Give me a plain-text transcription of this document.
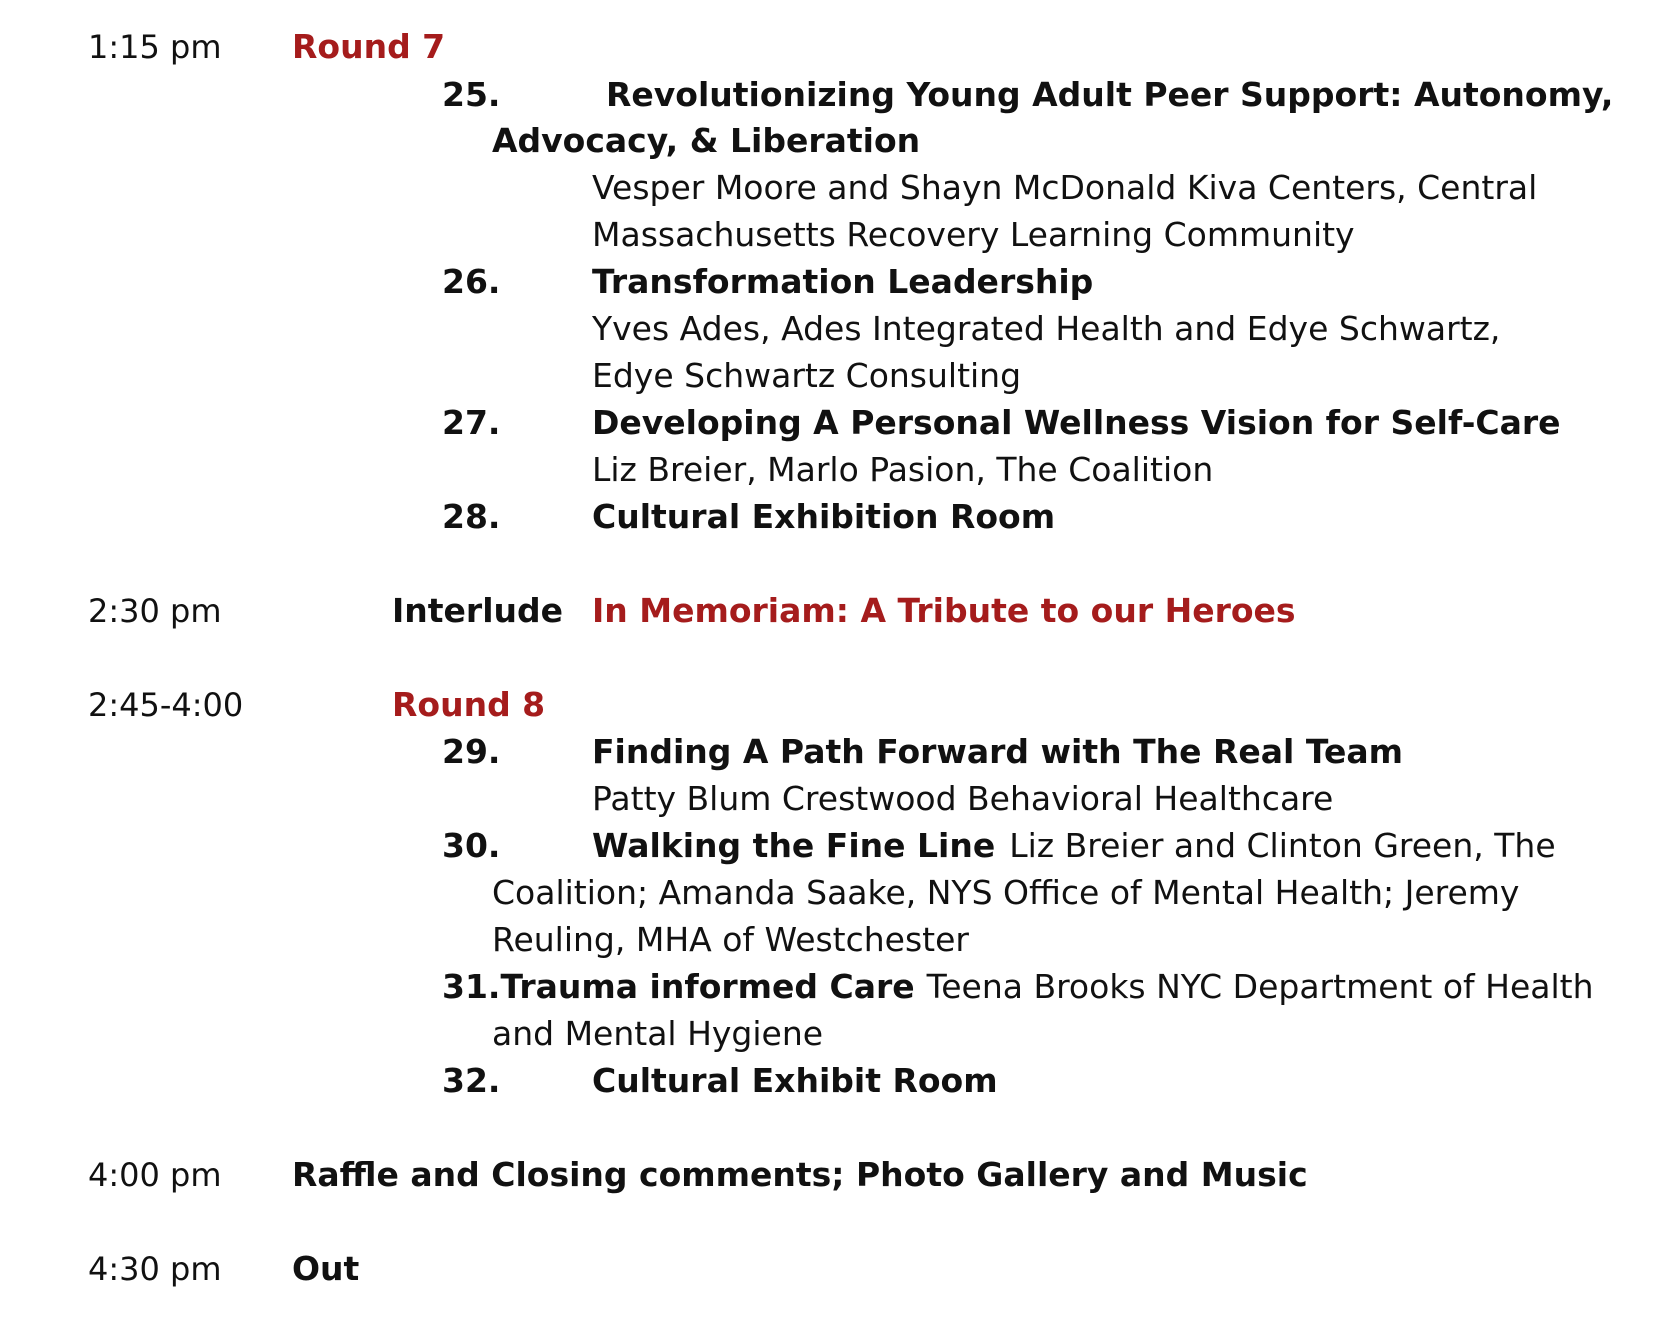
1:15 pm Round 7
25.	Revolutionizing Young Adult Peer Support: Autonomy,
Advocacy, & Liberation
Vesper Moore and Shayn McDonald Kiva Centers, Central
Massachusetts Recovery Learning Community
26.	Transformation Leadership
Yves Ades, Ades Integrated Health and Edye Schwartz,
Edye Schwartz Consulting
27.	Developing A Personal Wellness Vision for Self-Care
Liz Breier, Marlo Pasion, The Coalition
28.	Cultural Exhibition Room
2:30 pm	Interlude In Memoriam: A Tribute to our Heroes
2:45-4:00	Round 8
29.	Finding A Path Forward with The Real Team
Patty Blum Crestwood Behavioral Healthcare
30.	Walking the Fine Line Liz Breier and Clinton Green, The
Coalition; Amanda Saake, NYS Office of Mental Health; Jeremy
Reuling, MHA of Westchester
31.Trauma informed Care Teena Brooks NYC Department of Health
and Mental Hygiene
32.	Cultural Exhibit Room
4:00 pm Raffle and Closing comments; Photo Gallery and Music
4:30 pm Out
